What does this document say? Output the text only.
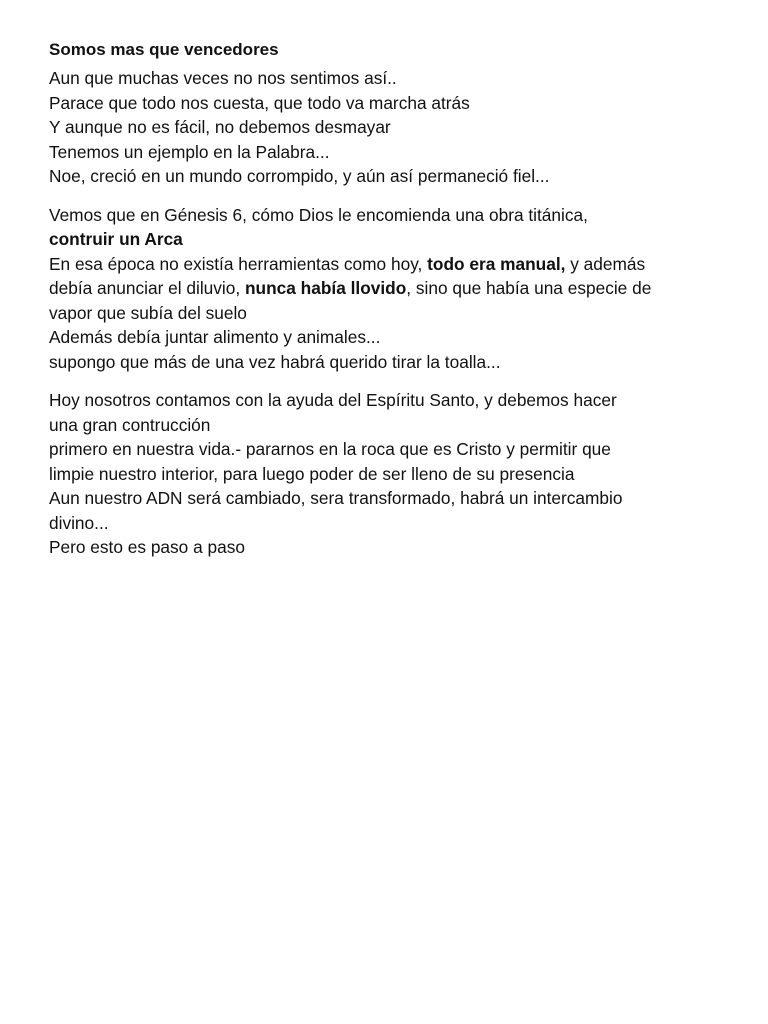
Somos mas que vencedores
Aun que muchas veces no nos sentimos así..
Parace que todo nos cuesta, que todo va marcha atrás
Y aunque no es fácil, no debemos desmayar
Tenemos un ejemplo en la Palabra...
Noe, creció en un mundo corrompido, y aún así permaneció fiel...
Vemos que en Génesis 6, cómo Dios le encomienda una obra titánica,
contruir un Arca
En esa época no existía herramientas como hoy, todo era manual, y además
debía anunciar el diluvio, nunca había llovido, sino que había una especie de
vapor que subía del suelo
Además debía juntar alimento y animales...
supongo que más de una vez habrá querido tirar la toalla...
Hoy nosotros contamos con la ayuda del Espíritu Santo, y debemos hacer
una gran contrucción
primero en nuestra vida.- pararnos en la roca que es Cristo y permitir que
limpie nuestro interior, para luego poder de ser lleno de su presencia
Aun nuestro ADN será cambiado, sera transformado, habrá un intercambio
divino...
Pero esto es paso a paso
